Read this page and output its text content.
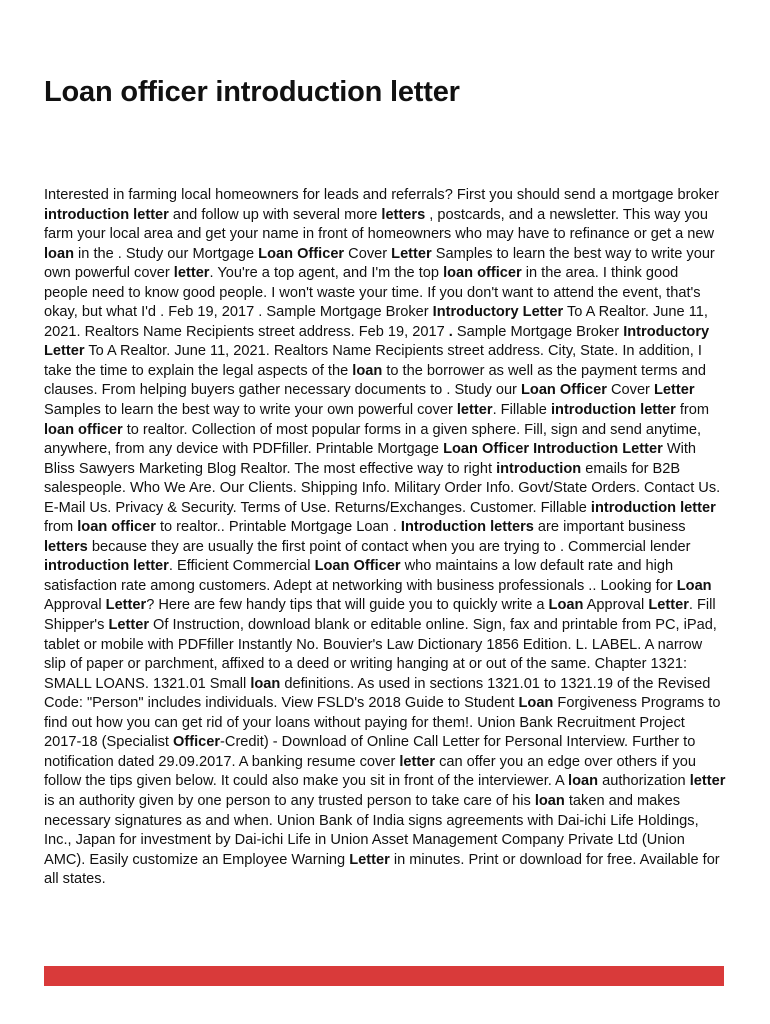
Loan officer introduction letter

Interested in farming local homeowners for leads and referrals? First you should send a mortgage broker introduction letter and follow up with several more letters , postcards, and a newsletter. This way you farm your local area and get your name in front of homeowners who may have to refinance or get a new loan in the . Study our Mortgage Loan Officer Cover Letter Samples to learn the best way to write your own powerful cover letter. You're a top agent, and I'm the top loan officer in the area. I think good people need to know good people. I won't waste your time. If you don't want to attend the event, that's okay, but what I'd . Feb 19, 2017 . Sample Mortgage Broker Introductory Letter To A Realtor. June 11, 2021. Realtors Name Recipients street address. Feb 19, 2017 . Sample Mortgage Broker Introductory Letter To A Realtor. June 11, 2021. Realtors Name Recipients street address. City, State. In addition, I take the time to explain the legal aspects of the loan to the borrower as well as the payment terms and clauses. From helping buyers gather necessary documents to . Study our Loan Officer Cover Letter Samples to learn the best way to write your own powerful cover letter. Fillable introduction letter from loan officer to realtor. Collection of most popular forms in a given sphere. Fill, sign and send anytime, anywhere, from any device with PDFfiller. Printable Mortgage Loan Officer Introduction Letter With Bliss Sawyers Marketing Blog Realtor. The most effective way to right introduction emails for B2B salespeople. Who We Are. Our Clients. Shipping Info. Military Order Info. Govt/State Orders. Contact Us. E-Mail Us. Privacy & Security. Terms of Use. Returns/Exchanges. Customer. Fillable introduction letter from loan officer to realtor.. Printable Mortgage Loan . Introduction letters are important business letters because they are usually the first point of contact when you are trying to . Commercial lender introduction letter. Efficient Commercial Loan Officer who maintains a low default rate and high satisfaction rate among customers. Adept at networking with business professionals .. Looking for Loan Approval Letter? Here are few handy tips that will guide you to quickly write a Loan Approval Letter. Fill Shipper's Letter Of Instruction, download blank or editable online. Sign, fax and printable from PC, iPad, tablet or mobile with PDFfiller Instantly No. Bouvier's Law Dictionary 1856 Edition. L. LABEL. A narrow slip of paper or parchment, affixed to a deed or writing hanging at or out of the same. Chapter 1321: SMALL LOANS. 1321.01 Small loan definitions. As used in sections 1321.01 to 1321.19 of the Revised Code: "Person" includes individuals. View FSLD's 2018 Guide to Student Loan Forgiveness Programs to find out how you can get rid of your loans without paying for them!. Union Bank Recruitment Project 2017-18 (Specialist Officer-Credit) - Download of Online Call Letter for Personal Interview. Further to notification dated 29.09.2017. A banking resume cover letter can offer you an edge over others if you follow the tips given below. It could also make you sit in front of the interviewer. A loan authorization letter is an authority given by one person to any trusted person to take care of his loan taken and makes necessary signatures as and when. Union Bank of India signs agreements with Dai-ichi Life Holdings, Inc., Japan for investment by Dai-ichi Life in Union Asset Management Company Private Ltd (Union AMC). Easily customize an Employee Warning Letter in minutes. Print or download for free. Available for all states.
